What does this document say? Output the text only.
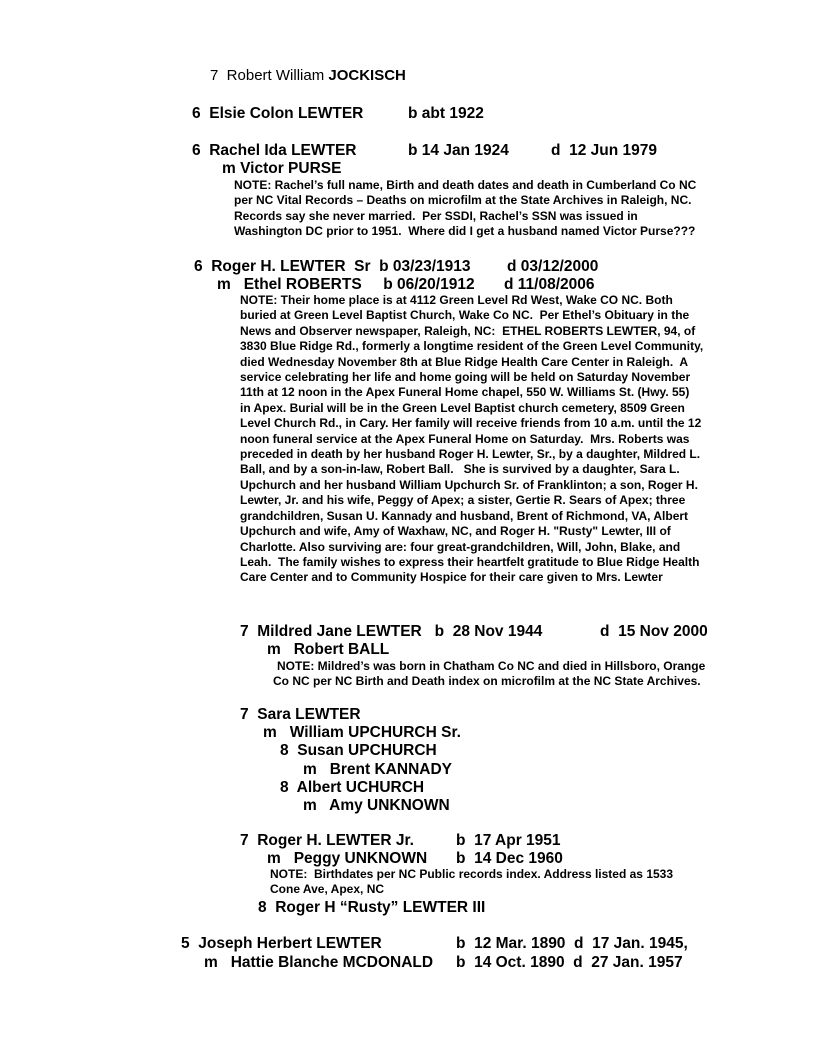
7  Robert William JOCKISCH
6  Elsie Colon LEWTER	b abt 1922
6  Rachel Ida LEWTER	b 14 Jan 1924	d  12 Jun 1979
m Victor PURSE
NOTE: Rachel’s full name, Birth and death dates and death in Cumberland Co NC
per NC Vital Records – Deaths on microfilm at the State Archives in Raleigh, NC.
Records say she never married.  Per SSDI, Rachel’s SSN was issued in
Washington DC prior to 1951.  Where did I get a husband named Victor Purse???
6  Roger H. LEWTER  Sr  b 03/23/1913 d 03/12/2000
m   Ethel ROBERTS     b 06/20/1912 d 11/08/2006
NOTE: Their home place is at 4112 Green Level Rd West, Wake CO NC. Both
buried at Green Level Baptist Church, Wake Co NC.  Per Ethel’s Obituary in the
News and Observer newspaper, Raleigh, NC:  ETHEL ROBERTS LEWTER, 94, of
3830 Blue Ridge Rd., formerly a longtime resident of the Green Level Community,
died Wednesday November 8th at Blue Ridge Health Care Center in Raleigh.  A
service celebrating her life and home going will be held on Saturday November
11th at 12 noon in the Apex Funeral Home chapel, 550 W. Williams St. (Hwy. 55)
in Apex. Burial will be in the Green Level Baptist church cemetery, 8509 Green
Level Church Rd., in Cary. Her family will receive friends from 10 a.m. until the 12
noon funeral service at the Apex Funeral Home on Saturday.  Mrs. Roberts was
preceded in death by her husband Roger H. Lewter, Sr., by a daughter, Mildred L.
Ball, and by a son-in-law, Robert Ball.   She is survived by a daughter, Sara L.
Upchurch and her husband William Upchurch Sr. of Franklinton; a son, Roger H.
Lewter, Jr. and his wife, Peggy of Apex; a sister, Gertie R. Sears of Apex; three
grandchildren, Susan U. Kannady and husband, Brent of Richmond, VA, Albert
Upchurch and wife, Amy of Waxhaw, NC, and Roger H. "Rusty" Lewter, III of
Charlotte. Also surviving are: four great-grandchildren, Will, John, Blake, and
Leah.  The family wishes to express their heartfelt gratitude to Blue Ridge Health
Care Center and to Community Hospice for their care given to Mrs. Lewter
7  Mildred Jane LEWTER   b  28 Nov 1944	d  15 Nov 2000
m   Robert BALL
NOTE: Mildred’s was born in Chatham Co NC and died in Hillsboro, Orange
Co NC per NC Birth and Death index on microfilm at the NC State Archives.
7  Sara LEWTER
m   William UPCHURCH Sr.
8  Susan UPCHURCH
m   Brent KANNADY
8  Albert UCHURCH
m   Amy UNKNOWN
7  Roger H. LEWTER Jr.	b  17 Apr 1951
m   Peggy UNKNOWN b  14 Dec 1960
NOTE:  Birthdates per NC Public records index. Address listed as 1533
Cone Ave, Apex, NC
8  Roger H “Rusty” LEWTER III
5  Joseph Herbert LEWTER	b  12 Mar. 1890  d  17 Jan. 1945,
m   Hattie Blanche MCDONALD b  14 Oct. 1890  d  27 Jan. 1957
